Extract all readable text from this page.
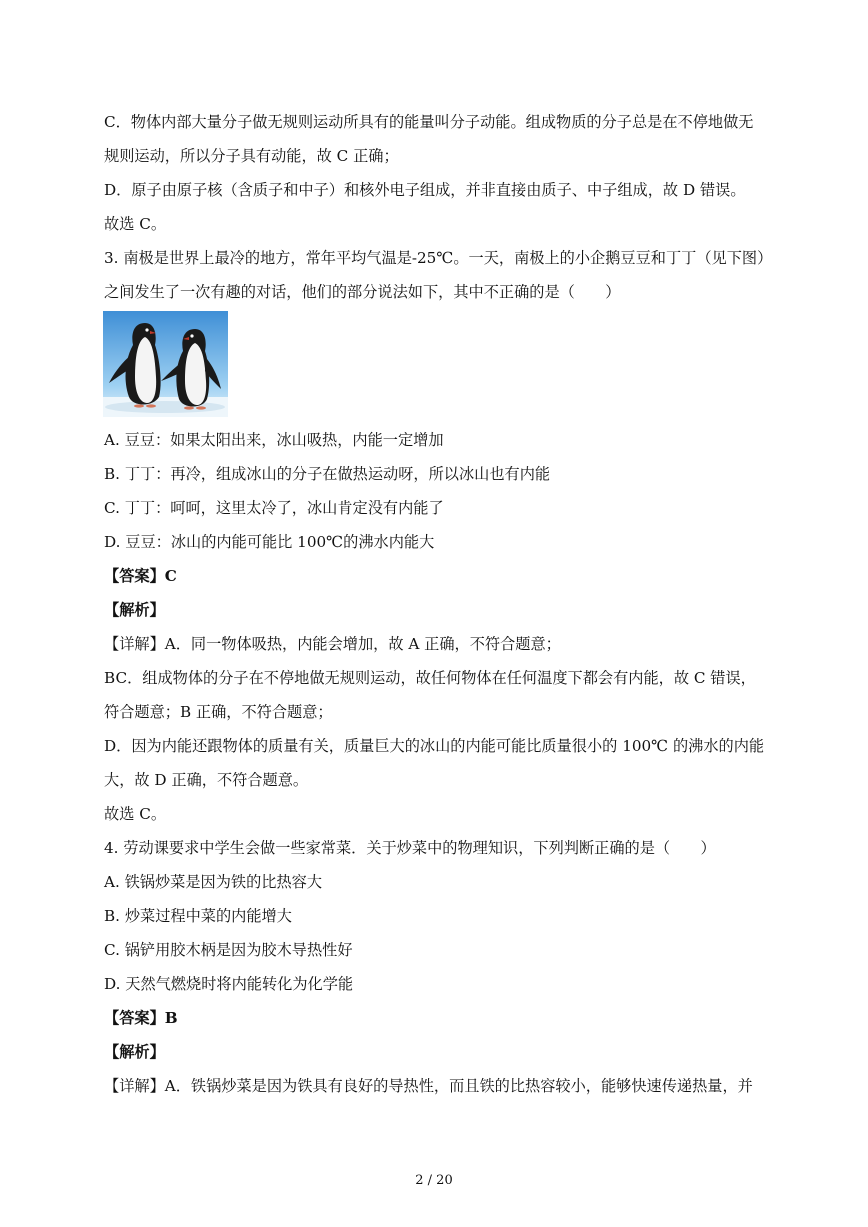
C．物体内部大量分子做无规则运动所具有的能量叫分子动能。组成物质的分子总是在不停地做无
规则运动，所以分子具有动能，故 C 正确；
D．原子由原子核（含质子和中子）和核外电子组成，并非直接由质子、中子组成，故 D 错误。
故选 C。
3. 南极是世界上最冷的地方，常年平均气温是-25℃。一天，南极上的小企鹅豆豆和丁丁（见下图）
之间发生了一次有趣的对话，他们的部分说法如下，其中不正确的是（　　）
A. 豆豆：如果太阳出来，冰山吸热，内能一定增加
B. 丁丁：再冷，组成冰山的分子在做热运动呀，所以冰山也有内能
C. 丁丁：呵呵，这里太冷了，冰山肯定没有内能了
D. 豆豆：冰山的内能可能比 100℃的沸水内能大
【答案】C
【解析】
【详解】A．同一物体吸热，内能会增加，故 A 正确，不符合题意；
BC．组成物体的分子在不停地做无规则运动，故任何物体在任何温度下都会有内能，故 C 错误，
符合题意；B 正确，不符合题意；
D．因为内能还跟物体的质量有关，质量巨大的冰山的内能可能比质量很小的 100℃ 的沸水的内能
大，故 D 正确，不符合题意。
故选 C。
4. 劳动课要求中学生会做一些家常菜．关于炒菜中的物理知识，下列判断正确的是（　　）
A. 铁锅炒菜是因为铁的比热容大
B. 炒菜过程中菜的内能增大
C. 锅铲用胶木柄是因为胶木导热性好
D. 天然气燃烧时将内能转化为化学能
【答案】B
【解析】
【详解】A．铁锅炒菜是因为铁具有良好的导热性，而且铁的比热容较小，能够快速传递热量，并
2 / 20
